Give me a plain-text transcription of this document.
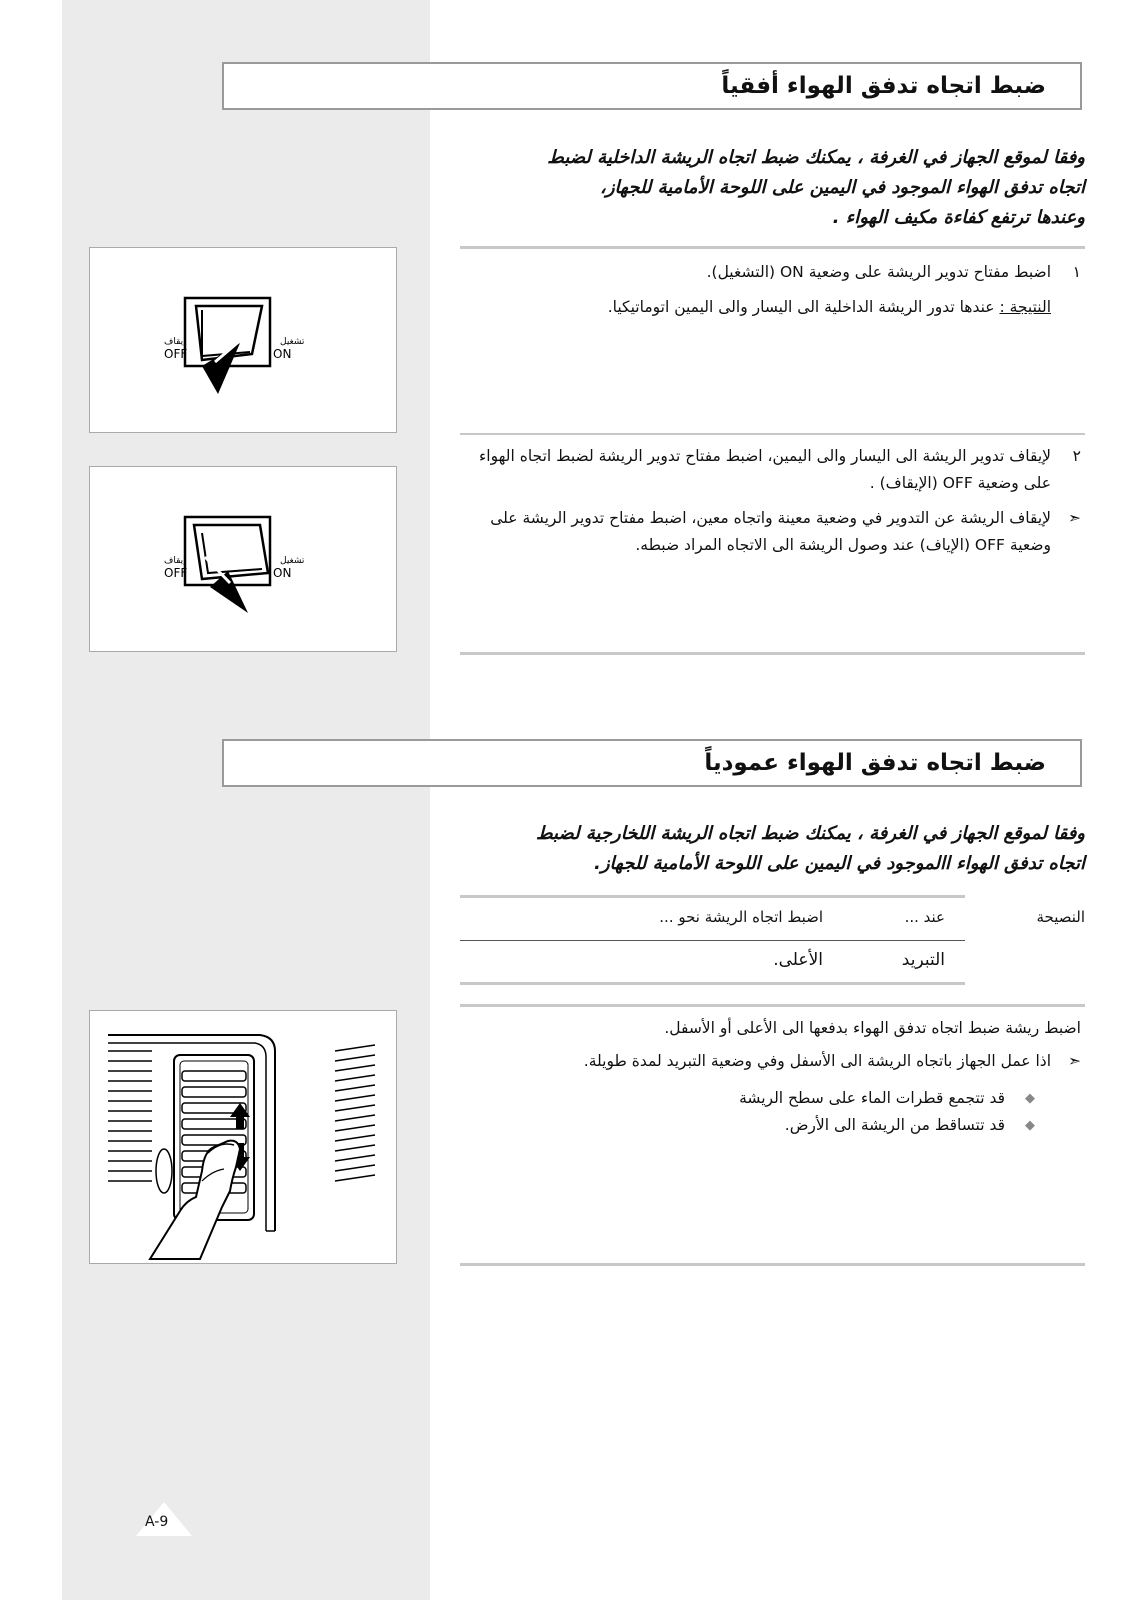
ضبط اتجاه تدفق الهواء أفقياً

وفقا لموقع الجهاز في الغرفة ، يمكنك ضبط اتجاه الريشة الداخلية لضبط

اتجاه تدفق الهواء الموجود في اليمين على اللوحة الأمامية للجهاز،

وعندها ترتفع كفاءة مكيف الهواء .

١
اضبط مفتاح تدوير الريشة على وضعية ON (التشغيل).
النتيجة : عندها تدور الريشة الداخلية الى اليسار والى اليمين اتوماتيكيا.
٢
لإيقاف تدوير الريشة الى اليسار والى اليمين، اضبط مفتاح تدوير الريشة لضبط اتجاه الهواء على وضعية OFF (الإيقاف) .
➣
لإيقاف الريشة عن التدوير في وضعية معينة واتجاه معين، اضبط مفتاح تدوير الريشة على وضعية OFF (الإياف) عند وصول الريشة الى الاتجاه المراد ضبطه.
تشغيل
ON
إيقاف
OFF
تشغيل
ON
إيقاف
OFF
ضبط اتجاه تدفق الهواء عمودياً

وفقا لموقع الجهاز في الغرفة ، يمكنك ضبط اتجاه الريشة اللخارجية لضبط

اتجاه تدفق الهواء االموجود في اليمين على اللوحة الأمامية للجهاز.

النصيحة
عند ...
اضبط اتجاه الريشة نحو ...
التبريد
الأعلى.
اضبط ريشة ضبط اتجاه تدفق الهواء بدفعها الى الأعلى أو الأسفل.
➣
اذا عمل الجهاز باتجاه الريشة الى الأسفل وفي وضعية التبريد لمدة طويلة.
◆
قد تتجمع قطرات الماء على سطح الريشة
◆
قد تتساقط من الريشة الى الأرض.
A-9
